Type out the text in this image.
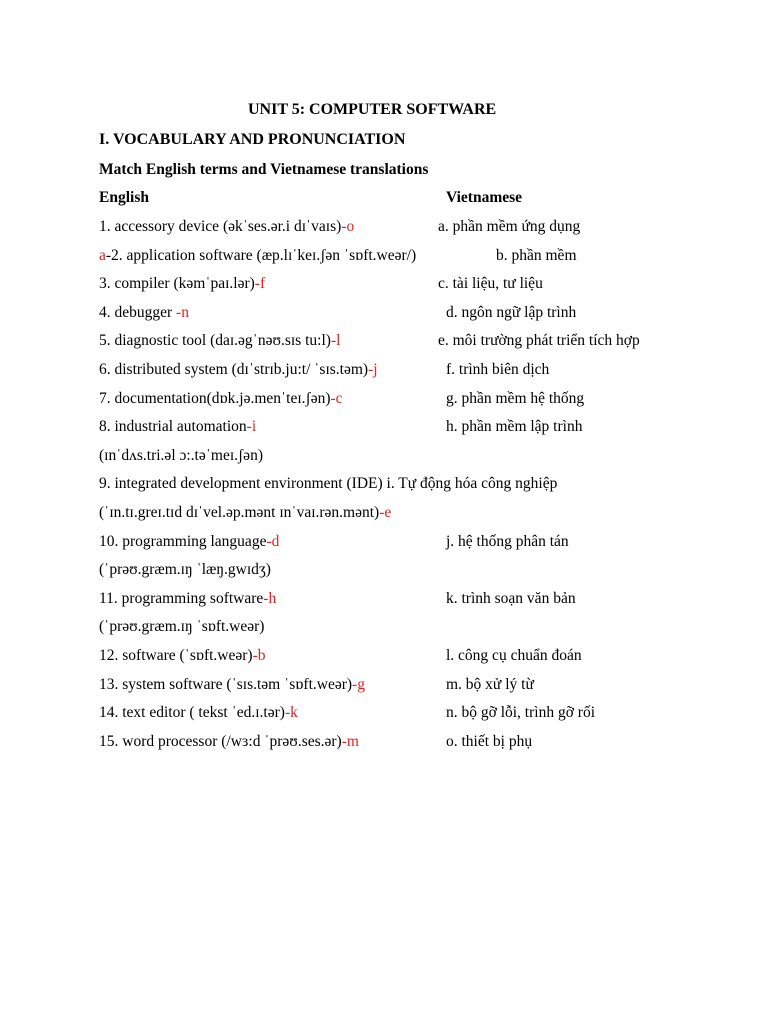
UNIT 5: COMPUTER SOFTWARE
I. VOCABULARY AND PRONUNCIATION
Match English terms and Vietnamese translations
English	Vietnamese
1. accessory device (əkˈses.ər.i dɪˈvaɪs)-o	a. phần mềm ứng dụng
a-2. application software (æp.lɪˈkeɪ.ʃən ˈsɒft.weər/)	b. phần mềm
3. compiler (kəmˈpaɪ.lər)-f	c. tài liệu, tư liệu
4. debugger -n	d. ngôn ngữ lập trình
5. diagnostic tool (daɪ.əgˈnəʊ.sɪs tu:l)-l	e. môi trường phát triển tích hợp
6. distributed system (dɪˈstrɪb.ju:t/ ˈsɪs.təm)-j	f. trình biên dịch
7. documentation(dɒk.jə.menˈteɪ.ʃən)-c	g. phần mềm hệ thống
8. industrial automation-i	h. phần mềm lập trình
(ɪnˈdʌs.tri.əl ɔ:.təˈmeɪ.ʃən)
9. integrated development environment (IDE) i. Tự động hóa công nghiệp
(ˈɪn.tɪ.greɪ.tɪd dɪˈvel.əp.mənt ɪnˈvaɪ.rən.mənt)-e
10. programming language-d	j. hệ thống phân tán
(ˈprəʊ.græm.ɪŋ ˈlæŋ.gwɪdʒ)
11. programming software-h	k. trình soạn văn bản
(ˈprəʊ.græm.ɪŋ ˈsɒft.weər)
12. software (ˈsɒft.weər)-b	l. công cụ chuẩn đoán
13. system software (ˈsɪs.təm ˈsɒft.weər)-g	m. bộ xử lý từ
14. text editor ( tekst ˈed.ɪ.tər)-k	n. bộ gỡ lỗi, trình gỡ rối
15. word processor (/wɜ:d ˈprəʊ.ses.ər)-m	o. thiết bị phụ
